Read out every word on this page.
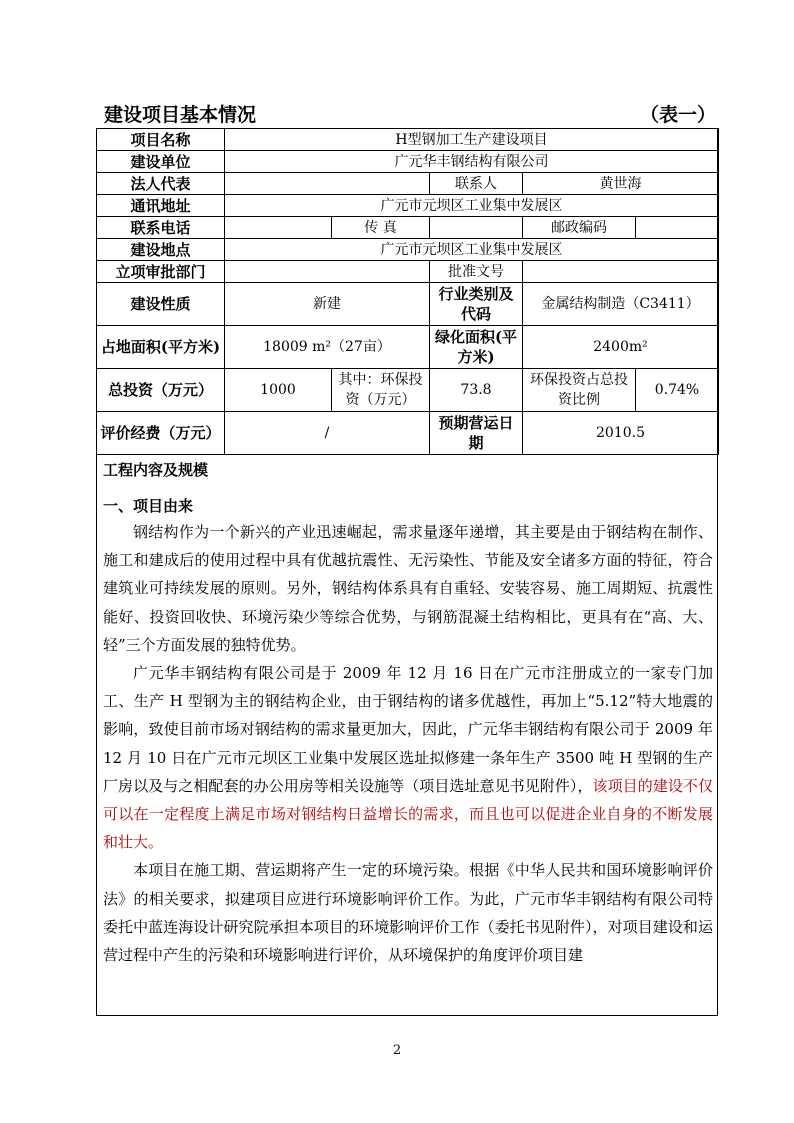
建设项目基本情况	（表一）
项目名称	H型钢加工生产建设项目				
建设单位	广元华丰钢结构有限公司				
法人代表			联系人	黄世海	
通讯地址	广元市元坝区工业集中发展区				
联系电话		传 真		邮政编码	
建设地点	广元市元坝区工业集中发展区				
立项审批部门			批准文号		
建设性质	新建		行业类别及代码	金属结构制造（C3411）	
占地面积(平方米)	18009 m²（27亩）		绿化面积(平方米)	2400m²	
总投资（万元）	1000	其中：环保投资（万元）	73.8	环保投资占总投资比例	0.74%
评价经费（万元）	/		预期营运日期	2010.5	
工程内容及规模
一、项目由来

钢结构作为一个新兴的产业迅速崛起，需求量逐年递增，其主要是由于钢结构在制作、施工和建成后的使用过程中具有优越抗震性、无污染性、节能及安全诸多方面的特征，符合建筑业可持续发展的原则。另外，钢结构体系具有自重轻、安装容易、施工周期短、抗震性能好、投资回收快、环境污染少等综合优势，与钢筋混凝土结构相比，更具有在“高、大、轻”三个方面发展的独特优势。

广元华丰钢结构有限公司是于 2009 年 12 月 16 日在广元市注册成立的一家专门加工、生产 H 型钢为主的钢结构企业，由于钢结构的诸多优越性，再加上“5.12”特大地震的影响，致使目前市场对钢结构的需求量更加大，因此，广元华丰钢结构有限公司于 2009 年 12 月 10 日在广元市元坝区工业集中发展区选址拟修建一条年生产 3500 吨 H 型钢的生产厂房以及与之相配套的办公用房等相关设施等（项目选址意见书见附件），该项目的建设不仅可以在一定程度上满足市场对钢结构日益增长的需求，而且也可以促进企业自身的不断发展和壮大。

本项目在施工期、营运期将产生一定的环境污染。根据《中华人民共和国环境影响评价法》的相关要求，拟建项目应进行环境影响评价工作。为此，广元市华丰钢结构有限公司特委托中蓝连海设计研究院承担本项目的环境影响评价工作（委托书见附件），对项目建设和运营过程中产生的污染和环境影响进行评价，从环境保护的角度评价项目建

2
